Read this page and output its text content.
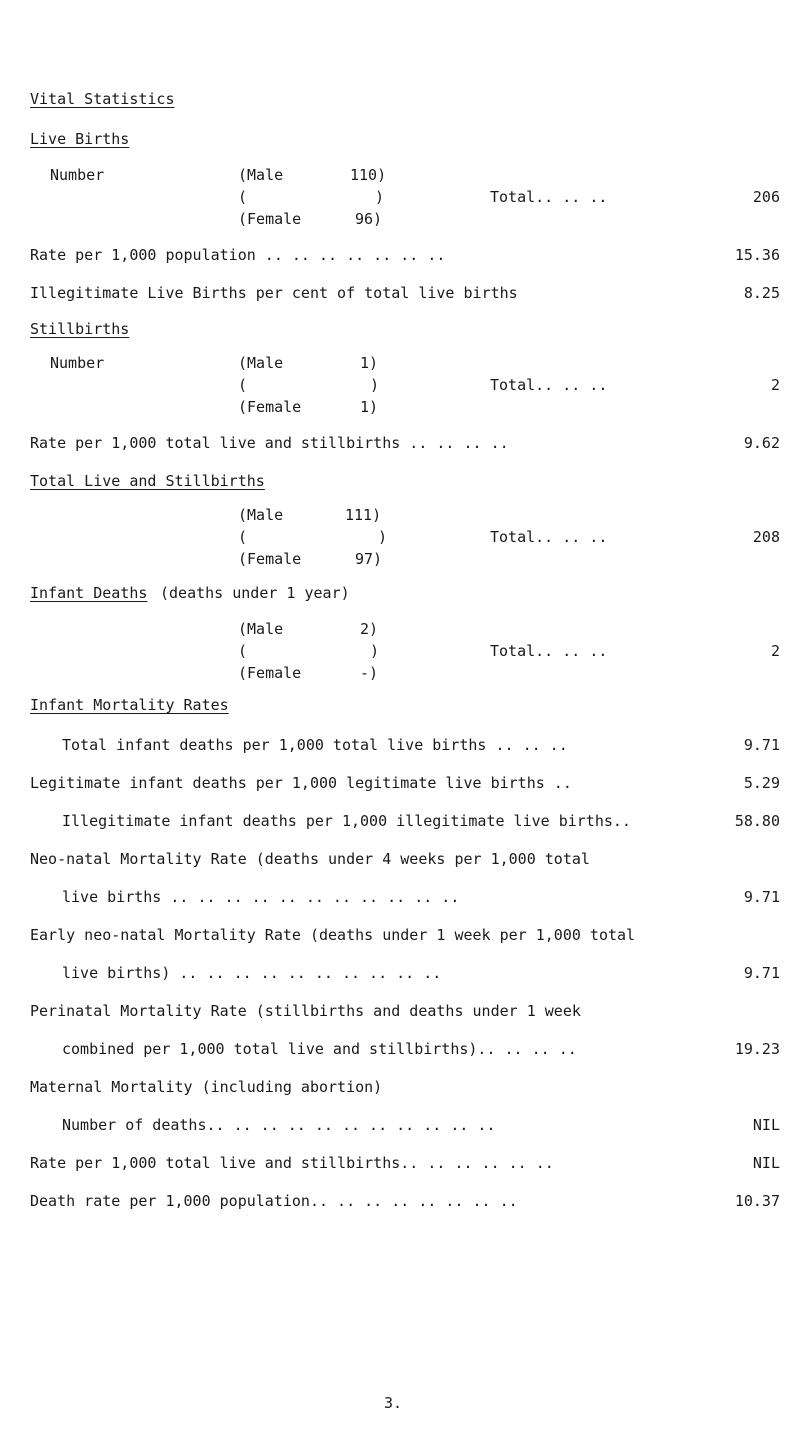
Vital Statistics
Live Births
Number	(Male	110)
(	)	Total.. .. ..	206
(Female	96)
Rate per 1,000 population .. .. .. .. .. .. ..	15.36
Illegitimate Live Births per cent of total live births	8.25
Stillbirths
Number	(Male	1)
(	)	Total.. .. ..	2
(Female	1)
Rate per 1,000 total live and stillbirths .. .. .. ..	9.62
Total Live and Stillbirths
(Male	111)
(	)	Total.. .. ..	208
(Female	97)
Infant Deaths (deaths under 1 year)
(Male	2)
(	)	Total.. .. ..	2
(Female	-)
Infant Mortality Rates
Total infant deaths per 1,000 total live births .. .. ..	9.71
Legitimate infant deaths per 1,000 legitimate live births ..	5.29
Illegitimate infant deaths per 1,000 illegitimate live births..	58.80
Neo-natal Mortality Rate (deaths under 4 weeks per 1,000 total
live births .. .. .. .. .. .. .. .. .. .. ..	9.71
Early neo-natal Mortality Rate (deaths under 1 week per 1,000 total
live births) .. .. .. .. .. .. .. .. .. ..	9.71
Perinatal Mortality Rate (stillbirths and deaths under 1 week
combined per 1,000 total live and stillbirths).. .. .. ..	19.23
Maternal Mortality (including abortion)
Number of deaths.. .. .. .. .. .. .. .. .. .. ..	NIL
Rate per 1,000 total live and stillbirths.. .. .. .. .. ..	NIL
Death rate per 1,000 population.. .. .. .. .. .. .. ..	10.37
3.
